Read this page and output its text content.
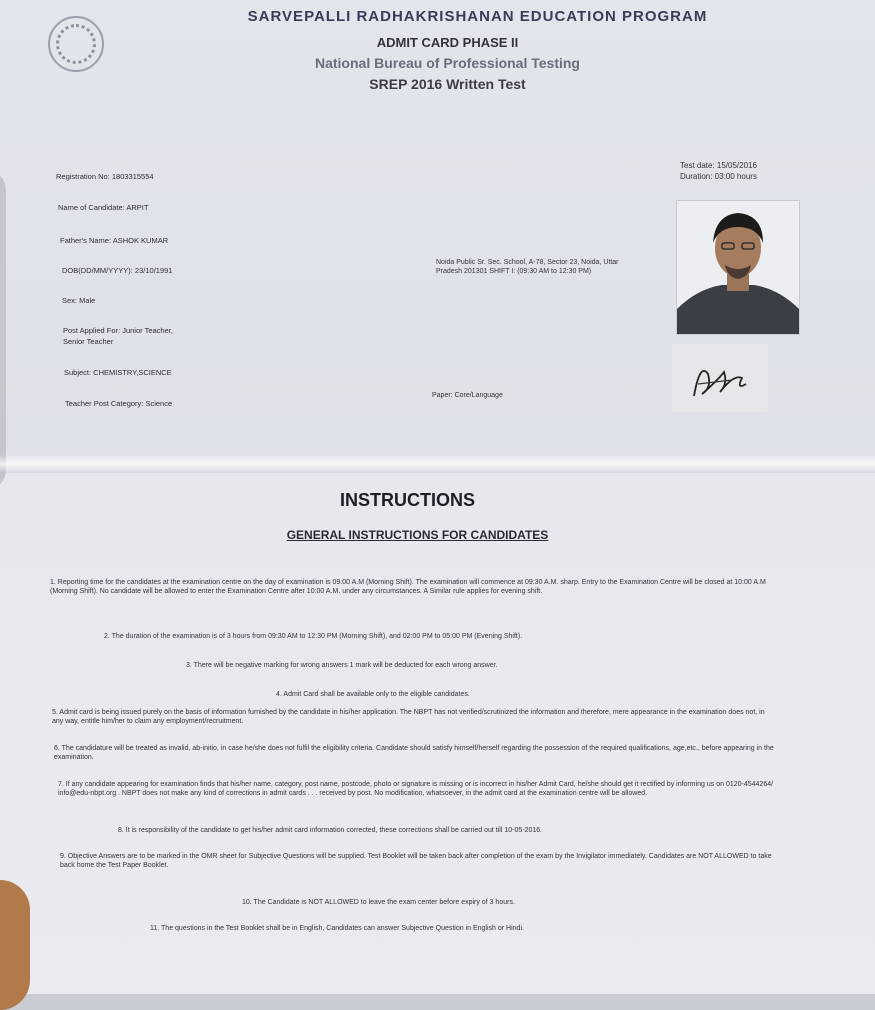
SARVEPALLI RADHAKRISHANAN EDUCATION PROGRAM
ADMIT CARD PHASE II
National Bureau of Professional Testing
SREP 2016 Written Test
Registration No: 1803315554
Name of Candidate: ARPIT
Father's Name: ASHOK KUMAR
DOB(DD/MM/YYYY): 23/10/1991
Sex: Male
Post Applied For: Junior Teacher,
Senior Teacher
Subject: CHEMISTRY,SCIENCE
Teacher Post Category: Science
Test date: 15/05/2016
Duration: 03:00 hours
Noida Public Sr. Sec. School, A-78, Sector 23, Noida, Uttar Pradesh 201301 SHIFT I: (09:30 AM to 12:30 PM)
Paper: Core/Language
INSTRUCTIONS
GENERAL INSTRUCTIONS FOR CANDIDATES
1. Reporting time for the candidates at the examination centre on the day of examination is 09:00 A.M (Morning Shift). The examination will commence at 09:30 A.M. sharp. Entry to the Examination Centre will be closed at 10:00 A.M (Morning Shift). No candidate will be allowed to enter the Examination Centre after 10:00 A.M. under any circumstances. A Similar rule applies for evening shift.
2. The duration of the examination is of 3 hours from 09:30 AM to 12:30 PM (Morning Shift), and 02:00 PM to 05:00 PM (Evening Shift).
3. There will be negative marking for wrong answers 1 mark will be deducted for each wrong answer.
4. Admit Card shall be available only to the eligible candidates.
5. Admit card is being issued purely on the basis of information furnished by the candidate in his/her application. The NBPT has not verified/scrutinized the information and therefore, mere appearance in the examination does not, in any way, entitle him/her to claim any employment/recruitment.
6. The candidature will be treated as invalid, ab-initio, in case he/she does not fulfil the eligibility criteria. Candidate should satisfy himself/herself regarding the possession of the required qualifications, age,etc., before appearing in the examination.
7. If any candidate appearing for examination finds that his/her name, category, post name, postcode, photo or signature is missing or is incorrect in his/her Admit Card, he/she should get it rectified by informing us on 0120-4544264/ info@edu-nbpt.org . NBPT does not make any kind of corrections in admit cards . . . received by post. No modification, whatsoever, in the admit card at the examination centre will be allowed.
8. It is responsibility of the candidate to get his/her admit card information corrected, these corrections shall be carried out till 10-05-2016.
9. Objective Answers are to be marked in the OMR sheet for Subjective Questions will be supplied. Test Booklet will be taken back after completion of the exam by the Invigilator immediately. Candidates are NOT ALLOWED to take back home the Test Paper Booklet.
10. The Candidate is NOT ALLOWED to leave the exam center before expiry of 3 hours.
11. The questions in the Test Booklet shall be in English, Candidates can answer Subjective Question in English or Hindi.
